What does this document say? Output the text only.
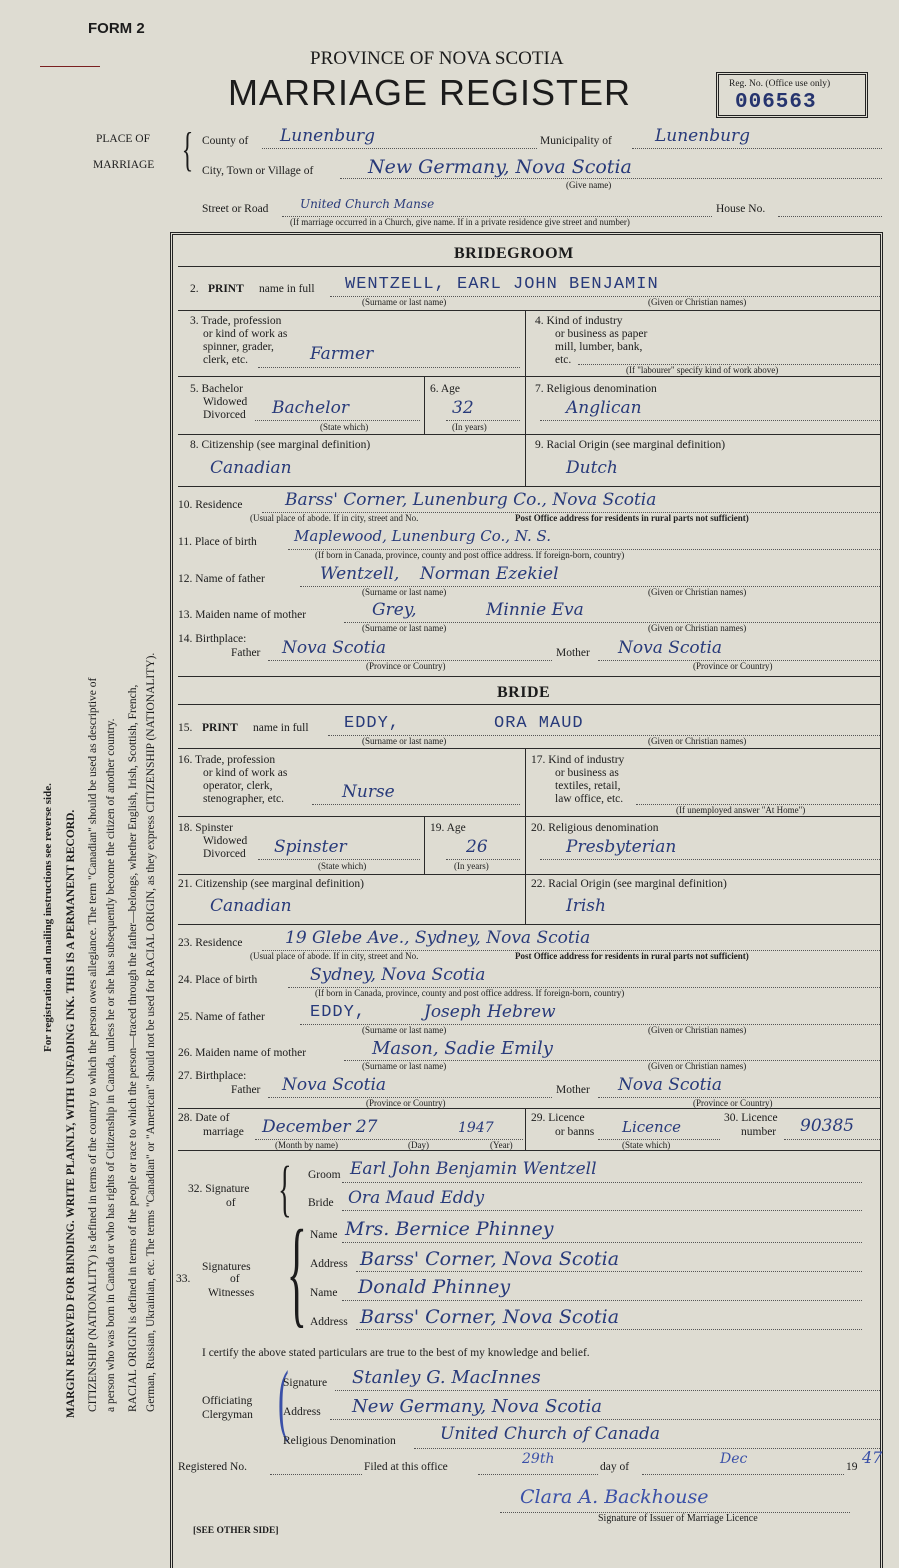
FORM 2
PROVINCE OF NOVA SCOTIA
MARRIAGE REGISTER	Reg. No. (Office use only)
006563
PLACE OF
MARRIAGE { County of Lunenburg	Municipality of	Lunenburg
City, Town or Village of	New Germany, Nova Scotia
(Give name)
Street or Road	United Church Manse	House No.
(If marriage occurred in a Church, give name. If in a private residence give street and number)
For registration and mailing instructions see reverse side. MARGIN RESERVED FOR BINDING. WRITE PLAINLY, WITH UNFADING INK. THIS IS A PERMANENT RECORD. CITIZENSHIP (NATIONALITY) is defined in terms of the country to which the person owes allegiance. The term "Canadian" should be used as descriptive of a person who was born in Canada or who has rights of Citizenship in Canada, unless he or she has subsequently become the citizen of another country. RACIAL ORIGIN is defined in terms of the people or race to which the person—traced through the father—belongs, whether English, Irish, Scottish, French, German, Russian, Ukrainian, etc. The terms "Canadian" or "American" should not be used for RACIAL ORIGIN, as they express CITIZENSHIP (NATIONALITY).
BRIDEGROOM
2. PRINT name in full WENTZELL, EARL JOHN BENJAMIN
(Surname or last name)	(Given or Christian names)
3. Trade, profession
or kind of work as
spinner, grader,
clerk, etc.	Farmer
4. Kind of industry
or business as paper
mill, lumber, bank,
etc.
(If "labourer" specify kind of work above)
5. Bachelor
Widowed
Divorced Bachelor
(State which)
6. Age
32
(In years)
7. Religious denomination
Anglican
8. Citizenship (see marginal definition)
Canadian
9. Racial Origin (see marginal definition)
Dutch
10. Residence Barss' Corner, Lunenburg Co., Nova Scotia
(Usual place of abode. If in city, street and No.	Post Office address for residents in rural parts not sufficient)
11. Place of birth Maplewood, Lunenburg Co., N. S.
(If born in Canada, province, county and post office address. If foreign-born, country)
12. Name of father	Wentzell, Norman Ezekiel
(Surname or last name)	(Given or Christian names)
13. Maiden name of mother	Grey,	Minnie Eva
(Surname or last name)	(Given or Christian names)
14. Birthplace:
Father Nova Scotia
(Province or Country)
Mother Nova Scotia
(Province or Country)
BRIDE
15. PRINT name in full EDDY,	ORA MAUD
(Surname or last name)	(Given or Christian names)
16. Trade, profession
or kind of work as
operator, clerk,
stenographer, etc.	Nurse
17. Kind of industry
or business as
textiles, retail,
law office, etc.
(If unemployed answer "At Home")
18. Spinster
Widowed
Divorced Spinster
(State which)
19. Age
26
(In years)
20. Religious denomination
Presbyterian
21. Citizenship (see marginal definition)
Canadian
22. Racial Origin (see marginal definition)
Irish
23. Residence 19 Glebe Ave., Sydney, Nova Scotia
(Usual place of abode. If in city, street and No.	Post Office address for residents in rural parts not sufficient)
24. Place of birth	Sydney, Nova Scotia
(If born in Canada, province, county and post office address. If foreign-born, country)
25. Name of father	EDDY,	Joseph Hebrew
(Surname or last name)	(Given or Christian names)
26. Maiden name of mother	Mason, Sadie Emily
(Surname or last name)	(Given or Christian names)
27. Birthplace:
Father Nova Scotia
(Province or Country)
Mother Nova Scotia
(Province or Country)
28. Date of
marriage December 27	1947
(Month by name)	(Day)	(Year)
29. Licence
or banns Licence
(State which)
30. Licence
number 90385
32. Signature
of { Groom Earl John Benjamin Wentzell
Bride Ora Maud Eddy
Signatures
33.	of
Witnesses { Name Mrs. Bernice Phinney
Address Barss' Corner, Nova Scotia
Name Donald Phinney
Address Barss' Corner, Nova Scotia
I certify the above stated particulars are true to the best of my knowledge and belief.
Officiating
Clergyman (
Signature Stanley G. MacInnes
Address New Germany, Nova Scotia
Religious Denomination	United Church of Canada
Registered No.	Filed at this office	29th	day of	Dec	19 47
Clara A. Backhouse
Signature of Issuer of Marriage Licence
[SEE OTHER SIDE]
